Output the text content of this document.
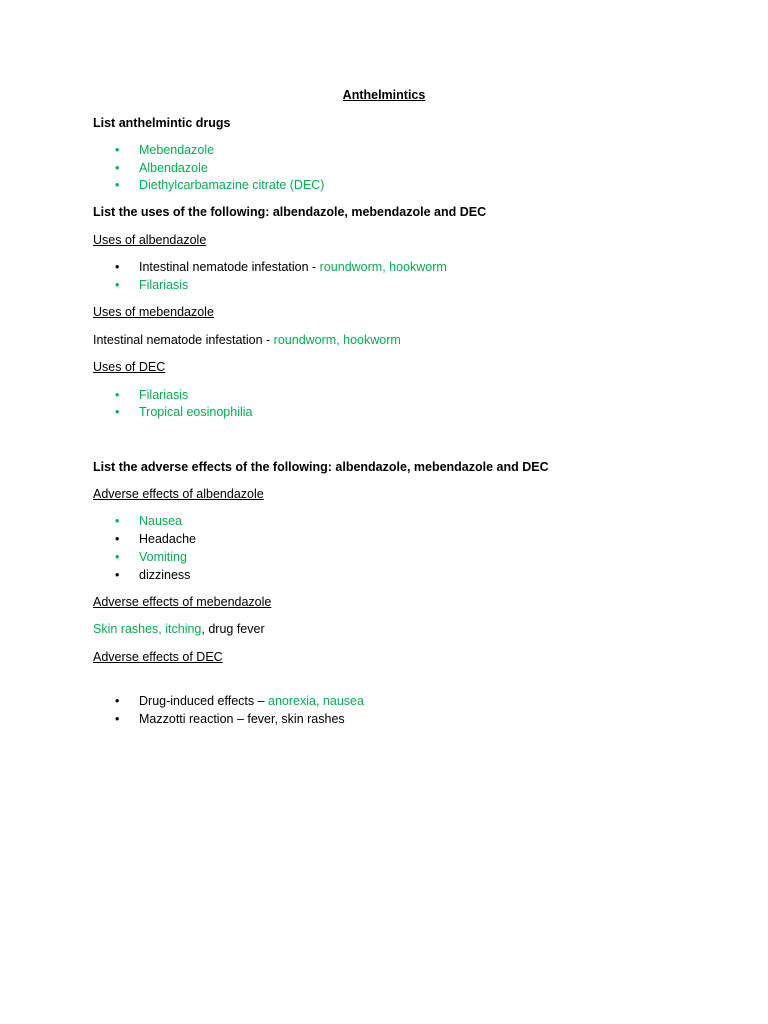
Anthelmintics
List anthelmintic drugs
• Mebendazole
• Albendazole
• Diethylcarbamazine citrate (DEC)
List the uses of the following: albendazole, mebendazole and DEC
Uses of albendazole
• Intestinal nematode infestation - roundworm, hookworm
• Filariasis
Uses of mebendazole
Intestinal nematode infestation - roundworm, hookworm
Uses of DEC
• Filariasis
• Tropical eosinophilia
List the adverse effects of the following: albendazole, mebendazole and DEC
Adverse effects of albendazole
• Nausea
• Headache
• Vomiting
• dizziness
Adverse effects of mebendazole
Skin rashes, itching, drug fever
Adverse effects of DEC
• Drug-induced effects – anorexia, nausea
• Mazzotti reaction – fever, skin rashes
